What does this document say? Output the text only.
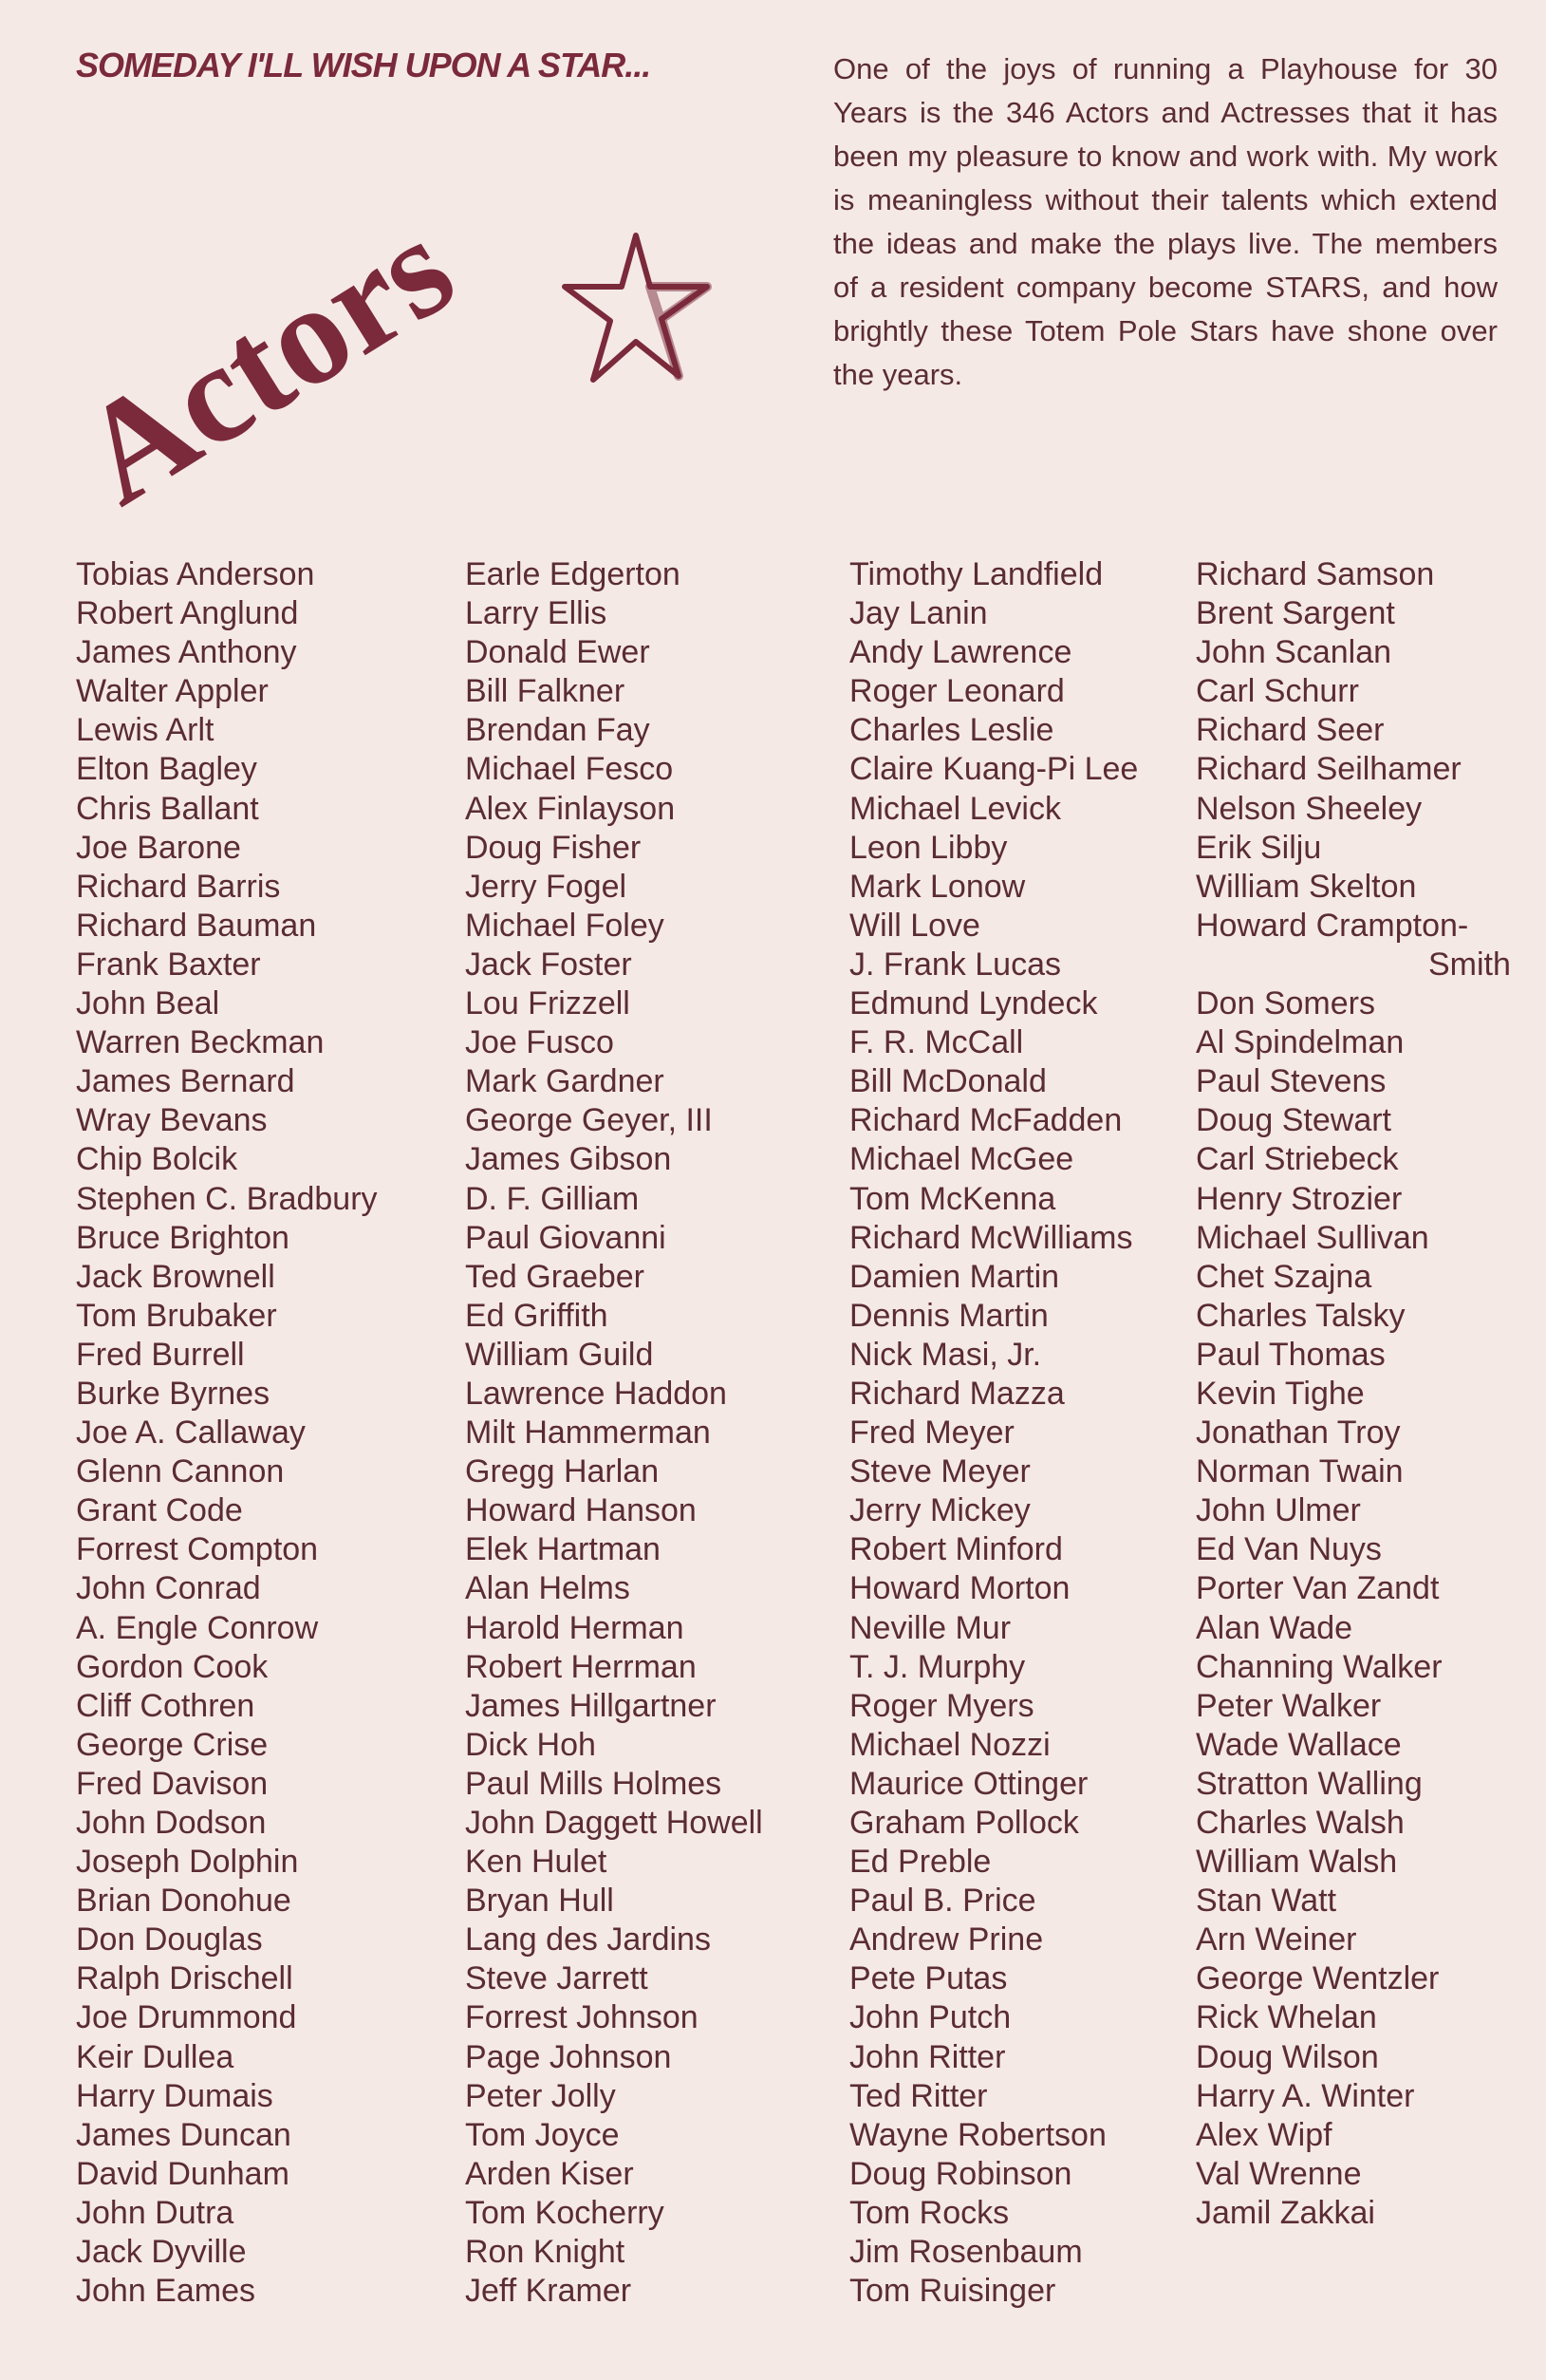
SOMEDAY I'LL WISH UPON A STAR...	One of the joys of running a Playhouse for 30 Years is the 346 Actors and Actresses that it has been my pleasure to know and work with. My work is meaningless without their talents which extend the ideas and make the plays live. The members of a resident company become STARS, and how brightly these Totem Pole Stars have shone over the years.
Actors
Tobias Anderson
Robert Anglund
James Anthony
Walter Appler
Lewis Arlt
Elton Bagley
Chris Ballant
Joe Barone
Richard Barris
Richard Bauman
Frank Baxter
John Beal
Warren Beckman
James Bernard
Wray Bevans
Chip Bolcik
Stephen C. Bradbury
Bruce Brighton
Jack Brownell
Tom Brubaker
Fred Burrell
Burke Byrnes
Joe A. Callaway
Glenn Cannon
Grant Code
Forrest Compton
John Conrad
A. Engle Conrow
Gordon Cook
Cliff Cothren
George Crise
Fred Davison
John Dodson
Joseph Dolphin
Brian Donohue
Don Douglas
Ralph Drischell
Joe Drummond
Keir Dullea
Harry Dumais
James Duncan
David Dunham
John Dutra
Jack Dyville
John Eames
Earle Edgerton
Larry Ellis
Donald Ewer
Bill Falkner
Brendan Fay
Michael Fesco
Alex Finlayson
Doug Fisher
Jerry Fogel
Michael Foley
Jack Foster
Lou Frizzell
Joe Fusco
Mark Gardner
George Geyer, III
James Gibson
D. F. Gilliam
Paul Giovanni
Ted Graeber
Ed Griffith
William Guild
Lawrence Haddon
Milt Hammerman
Gregg Harlan
Howard Hanson
Elek Hartman
Alan Helms
Harold Herman
Robert Herrman
James Hillgartner
Dick Hoh
Paul Mills Holmes
John Daggett Howell
Ken Hulet
Bryan Hull
Lang des Jardins
Steve Jarrett
Forrest Johnson
Page Johnson
Peter Jolly
Tom Joyce
Arden Kiser
Tom Kocherry
Ron Knight
Jeff Kramer
Timothy Landfield
Jay Lanin
Andy Lawrence
Roger Leonard
Charles Leslie
Claire Kuang-Pi Lee
Michael Levick
Leon Libby
Mark Lonow
Will Love
J. Frank Lucas
Edmund Lyndeck
F. R. McCall
Bill McDonald
Richard McFadden
Michael McGee
Tom McKenna
Richard McWilliams
Damien Martin
Dennis Martin
Nick Masi, Jr.
Richard Mazza
Fred Meyer
Steve Meyer
Jerry Mickey
Robert Minford
Howard Morton
Neville Mur
T. J. Murphy
Roger Myers
Michael Nozzi
Maurice Ottinger
Graham Pollock
Ed Preble
Paul B. Price
Andrew Prine
Pete Putas
John Putch
John Ritter
Ted Ritter
Wayne Robertson
Doug Robinson
Tom Rocks
Jim Rosenbaum
Tom Ruisinger
Richard Samson
Brent Sargent
John Scanlan
Carl Schurr
Richard Seer
Richard Seilhamer
Nelson Sheeley
Erik Silju
William Skelton
Howard Crampton-
Smith
Don Somers
Al Spindelman
Paul Stevens
Doug Stewart
Carl Striebeck
Henry Strozier
Michael Sullivan
Chet Szajna
Charles Talsky
Paul Thomas
Kevin Tighe
Jonathan Troy
Norman Twain
John Ulmer
Ed Van Nuys
Porter Van Zandt
Alan Wade
Channing Walker
Peter Walker
Wade Wallace
Stratton Walling
Charles Walsh
William Walsh
Stan Watt
Arn Weiner
George Wentzler
Rick Whelan
Doug Wilson
Harry A. Winter
Alex Wipf
Val Wrenne
Jamil Zakkai
